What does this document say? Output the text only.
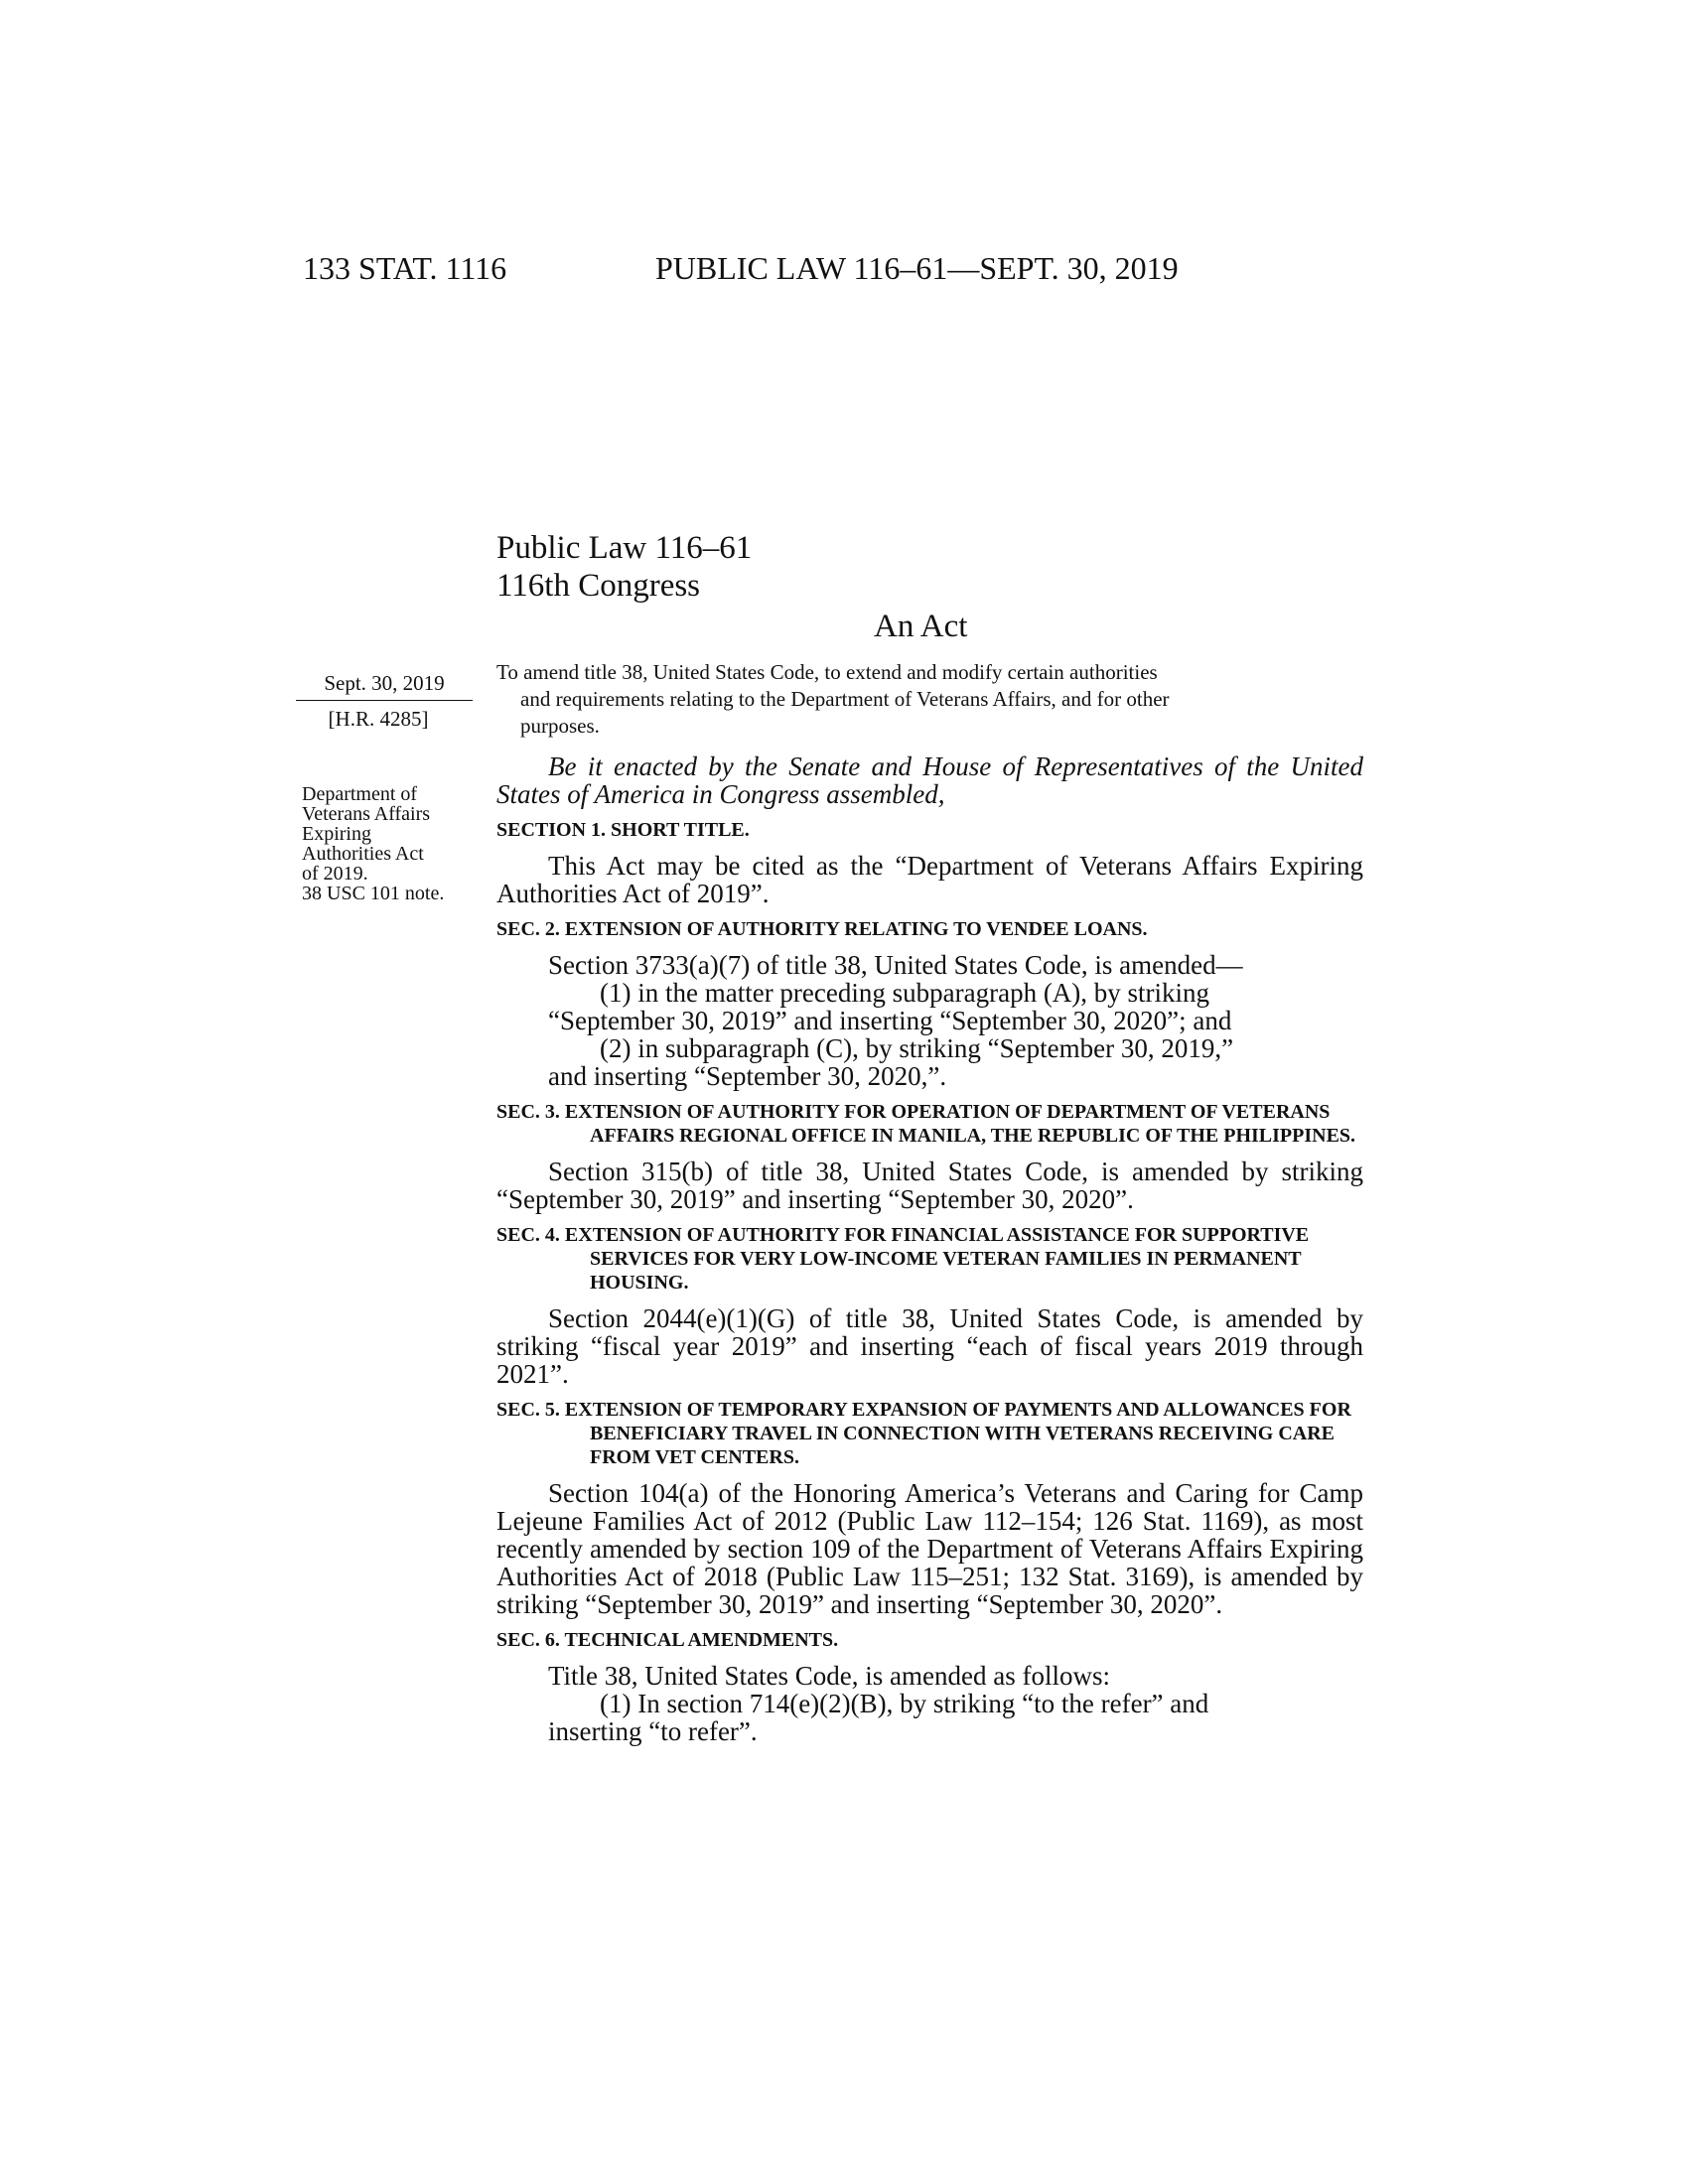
133 STAT. 1116	PUBLIC LAW 116–61—SEPT. 30, 2019
Public Law 116–61
116th Congress
An Act
Sept. 30, 2019
[H.R. 4285]
To amend title 38, United States Code, to extend and modify certain authorities
and requirements relating to the Department of Veterans Affairs, and for other
purposes.
Department of
Veterans Affairs
Expiring
Authorities Act
of 2019.
38 USC 101 note.
Be it enacted by the Senate and House of Representatives of the United States of America in Congress assembled,
SECTION 1. SHORT TITLE.
This Act may be cited as the “Department of Veterans Affairs Expiring Authorities Act of 2019”.
SEC. 2. EXTENSION OF AUTHORITY RELATING TO VENDEE LOANS.
Section 3733(a)(7) of title 38, United States Code, is amended—
(1) in the matter preceding subparagraph (A), by striking
“September 30, 2019” and inserting “September 30, 2020”; and
(2) in subparagraph (C), by striking “September 30, 2019,”
and inserting “September 30, 2020,”.
SEC. 3. EXTENSION OF AUTHORITY FOR OPERATION OF DEPARTMENT OF VETERANS AFFAIRS REGIONAL OFFICE IN MANILA, THE REPUBLIC OF THE PHILIPPINES.
Section 315(b) of title 38, United States Code, is amended by striking “September 30, 2019” and inserting “September 30, 2020”.
SEC. 4. EXTENSION OF AUTHORITY FOR FINANCIAL ASSISTANCE FOR SUPPORTIVE SERVICES FOR VERY LOW-INCOME VETERAN FAMILIES IN PERMANENT HOUSING.
Section 2044(e)(1)(G) of title 38, United States Code, is amended by striking “fiscal year 2019” and inserting “each of fiscal years 2019 through 2021”.
SEC. 5. EXTENSION OF TEMPORARY EXPANSION OF PAYMENTS AND ALLOWANCES FOR BENEFICIARY TRAVEL IN CONNECTION WITH VETERANS RECEIVING CARE FROM VET CENTERS.
Section 104(a) of the Honoring America’s Veterans and Caring for Camp Lejeune Families Act of 2012 (Public Law 112–154; 126 Stat. 1169), as most recently amended by section 109 of the Department of Veterans Affairs Expiring Authorities Act of 2018 (Public Law 115–251; 132 Stat. 3169), is amended by striking “September 30, 2019” and inserting “September 30, 2020”.
SEC. 6. TECHNICAL AMENDMENTS.
Title 38, United States Code, is amended as follows:
(1) In section 714(e)(2)(B), by striking “to the refer” and
inserting “to refer”.
